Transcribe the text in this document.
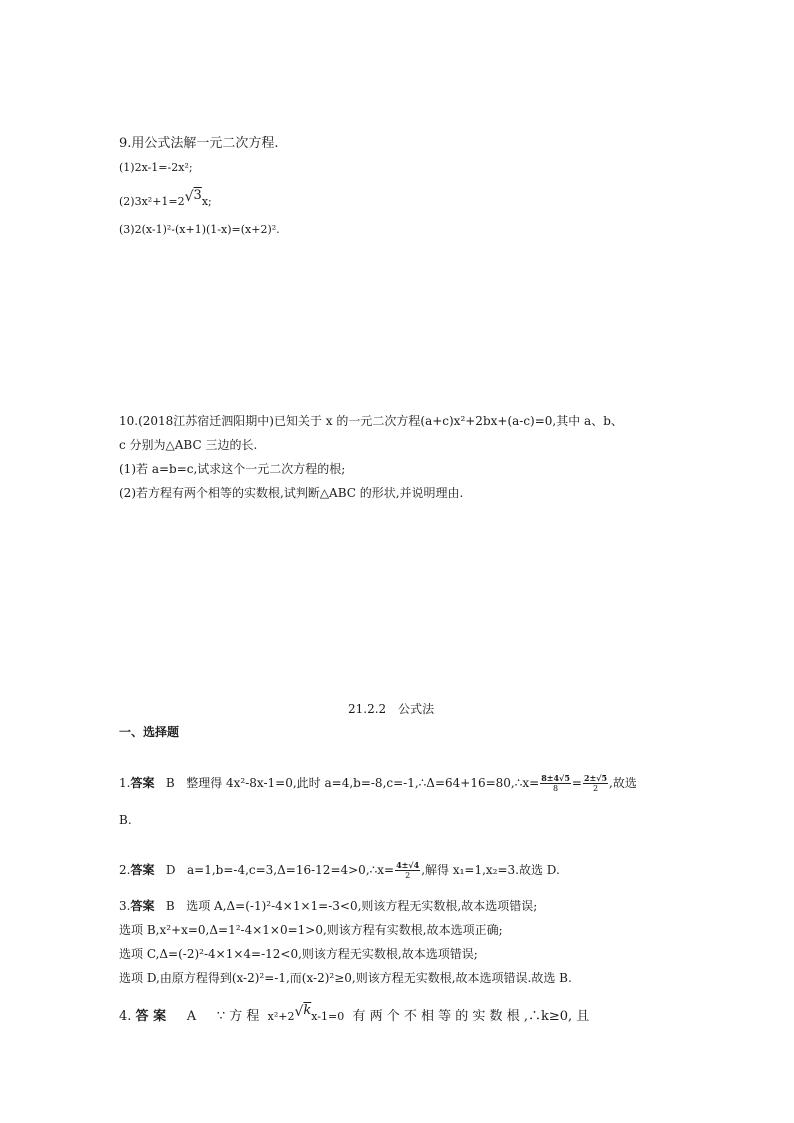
9.用公式法解一元二次方程.
(1)2x-1=-2x²;
(2)3x²+1=2√3x;
(3)2(x-1)²-(x+1)(1-x)=(x+2)².
10.(2018江苏宿迁泗阳期中)已知关于 x 的一元二次方程(a+c)x²+2bx+(a-c)=0,其中 a、b、
c 分别为△ABC 三边的长.
(1)若 a=b=c,试求这个一元二次方程的根;
(2)若方程有两个相等的实数根,试判断△ABC 的形状,并说明理由.
21.2.2　公式法
一、选择题
1.答案 B 整理得 4x²-8x-1=0,此时 a=4,b=-8,c=-1,∴Δ=64+16=80,∴x= $\frac{8\pm 4√5}{8} = \frac{2\pm√5}{2}$ ,故选
B.
2.答案 D a=1,b=-4,c=3,Δ=16-12=4>0,∴x= $\frac{4\pm√4}{2}$ ,解得 x₁=1,x₂=3.故选 D.
3.答案 B 选项 A,Δ=(-1)²-4×1×1=-3<0,则该方程无实数根,故本选项错误;
选项 B,x²+x=0,Δ=1²-4×1×0=1>0,则该方程有实数根,故本选项正确;
选项 C,Δ=(-2)²-4×1×4=-12<0,则该方程无实数根,故本选项错误;
选项 D,由原方程得到(x-2)²=-1,而(x-2)²≥0,则该方程无实数根,故本选项错误.故选 B.
4. 答 案 A ∵ 方 程 x²+2√kx-1=0 有 两 个 不 相 等 的 实 数 根 ,∴k≥0, 且
